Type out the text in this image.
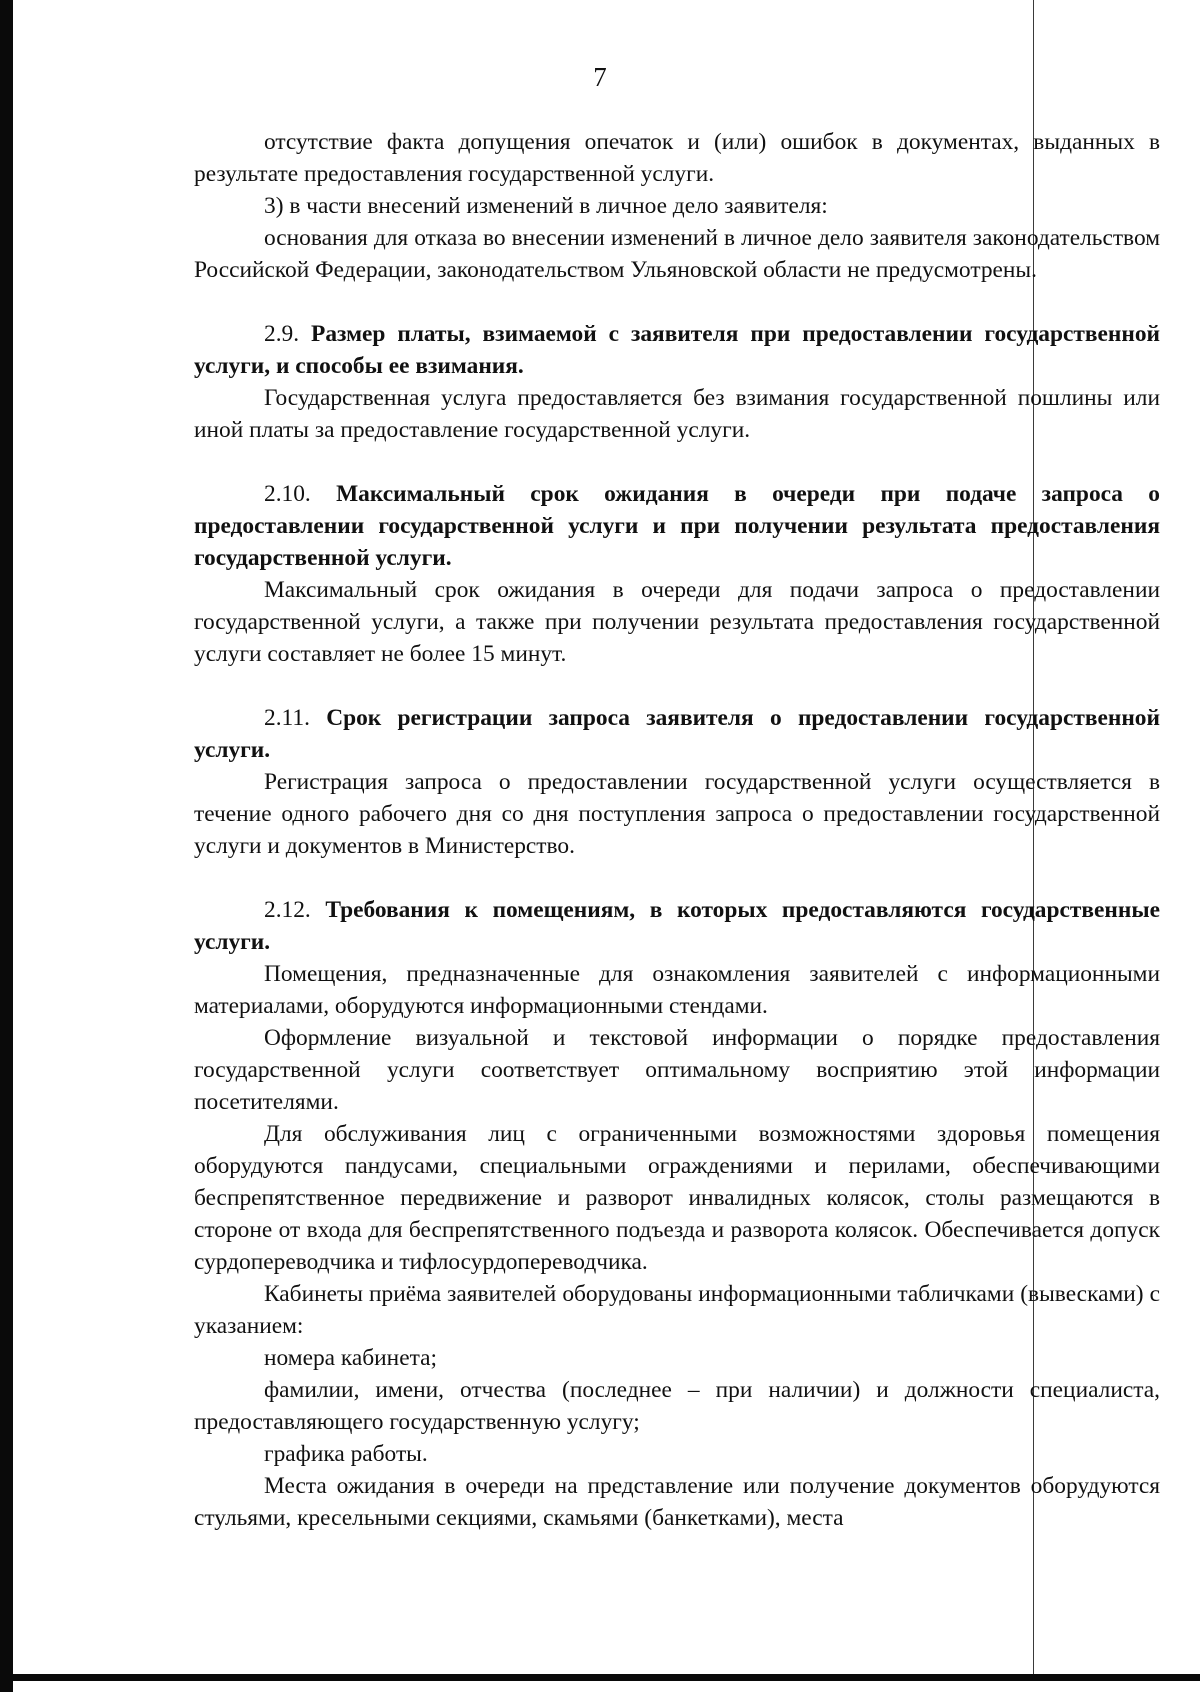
7

отсутствие факта допущения опечаток и (или) ошибок в документах, выданных в результате предоставления государственной услуги.

3) в части внесений изменений в личное дело заявителя:

основания для отказа во внесении изменений в личное дело заявителя законодательством Российской Федерации, законодательством Ульяновской области не предусмотрены.

2.9. Размер платы, взимаемой с заявителя при предоставлении государственной услуги, и способы ее взимания.

Государственная услуга предоставляется без взимания государственной пошлины или иной платы за предоставление государственной услуги.

2.10. Максимальный срок ожидания в очереди при подаче запроса о предоставлении государственной услуги и при получении результата предоставления государственной услуги.

Максимальный срок ожидания в очереди для подачи запроса о предоставлении государственной услуги, а также при получении результата предоставления государственной услуги составляет не более 15 минут.

2.11. Срок регистрации запроса заявителя о предоставлении государственной услуги.

Регистрация запроса о предоставлении государственной услуги осуществляется в течение одного рабочего дня со дня поступления запроса о предоставлении государственной услуги и документов в Министерство.

2.12. Требования к помещениям, в которых предоставляются государственные услуги.

Помещения, предназначенные для ознакомления заявителей с информационными материалами, оборудуются информационными стендами.

Оформление визуальной и текстовой информации о порядке предоставления государственной услуги соответствует оптимальному восприятию этой информации посетителями.

Для обслуживания лиц с ограниченными возможностями здоровья помещения оборудуются пандусами, специальными ограждениями и перилами, обеспечивающими беспрепятственное передвижение и разворот инвалидных колясок, столы размещаются в стороне от входа для беспрепятственного подъезда и разворота колясок. Обеспечивается допуск сурдопереводчика и тифлосурдопереводчика.

Кабинеты приёма заявителей оборудованы информационными табличками (вывесками) с указанием:

номера кабинета;

фамилии, имени, отчества (последнее – при наличии) и должности специалиста, предоставляющего государственную услугу;

графика работы.

Места ожидания в очереди на представление или получение документов оборудуются стульями, кресельными секциями, скамьями (банкетками), места
